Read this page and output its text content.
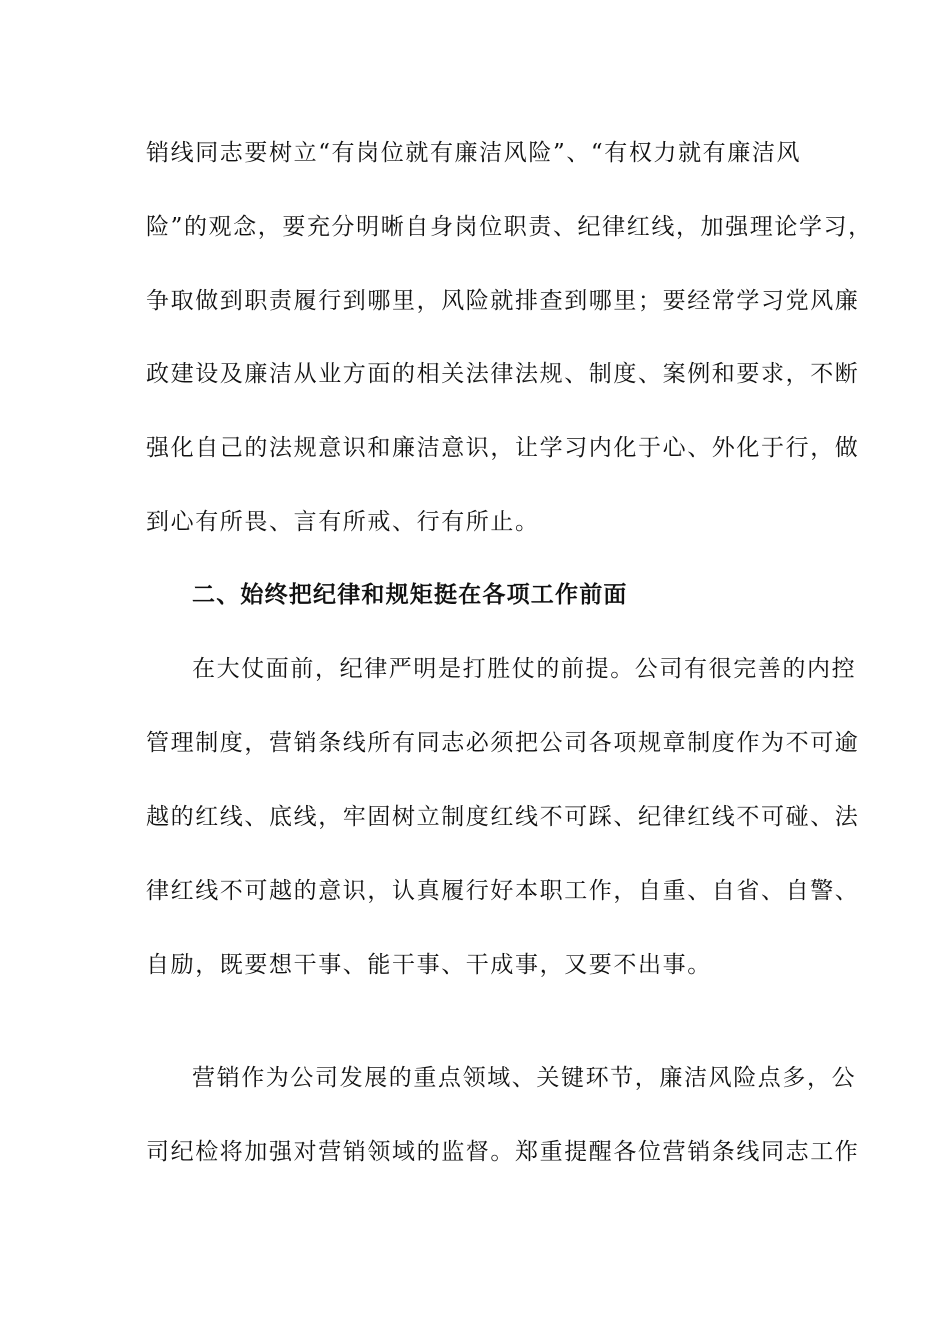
销线同志要树立“有岗位就有廉洁风险”、“有权力就有廉洁风
险”的观念，要充分明晰自身岗位职责、纪律红线，加强理论学习，
争取做到职责履行到哪里，风险就排查到哪里；要经常学习党风廉
政建设及廉洁从业方面的相关法律法规、制度、案例和要求，不断
强化自己的法规意识和廉洁意识，让学习内化于心、外化于行，做
到心有所畏、言有所戒、行有所止。
二、始终把纪律和规矩挺在各项工作前面
在大仗面前，纪律严明是打胜仗的前提。公司有很完善的内控
管理制度，营销条线所有同志必须把公司各项规章制度作为不可逾
越的红线、底线，牢固树立制度红线不可踩、纪律红线不可碰、法
律红线不可越的意识，认真履行好本职工作，自重、自省、自警、
自励，既要想干事、能干事、干成事，又要不出事。
营销作为公司发展的重点领域、关键环节，廉洁风险点多，公
司纪检将加强对营销领域的监督。郑重提醒各位营销条线同志工作
